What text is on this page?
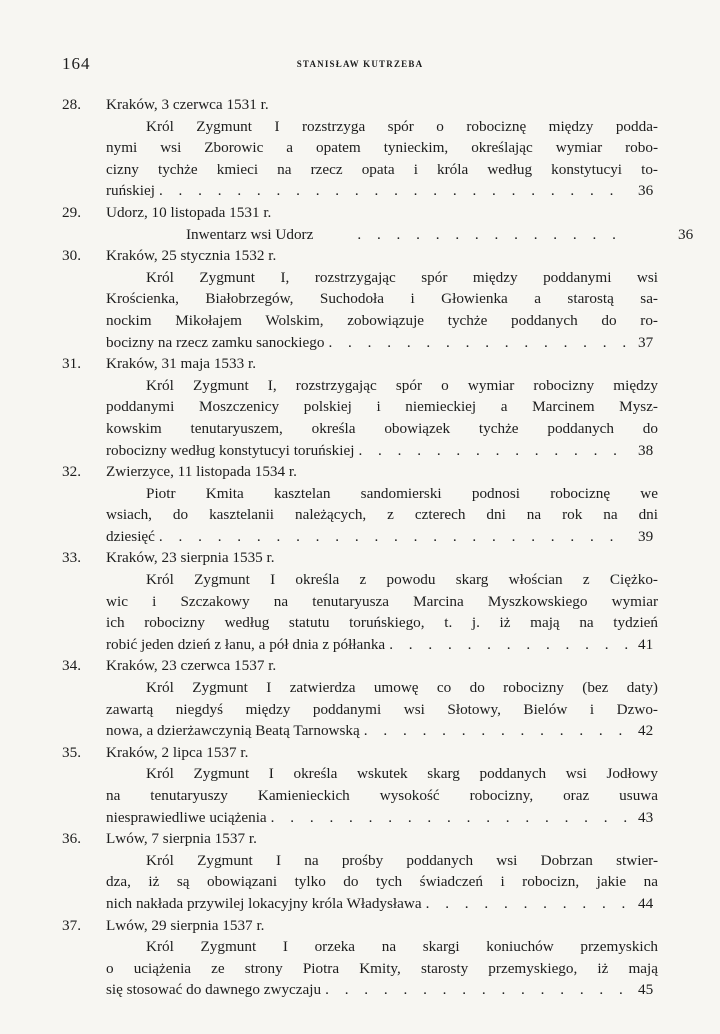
164	STANISŁAW KUTRZEBA
28. Kraków, 3 czerwca 1531 r.
Król Zygmunt I rozstrzyga spór o robociznę między podda-
nymi wsi Zborowic a opatem tynieckim, określając wymiar robo-
cizny tychże kmieci na rzecz opata i króla według konstytucyi to-
ruńskiej . . .	36
29. Udorz, 10 listopada 1531 r.
Inwentarz wsi Udorz . . .	36
30. Kraków, 25 stycznia 1532 r.
Król Zygmunt I, rozstrzygając spór między poddanymi wsi
Krościenka, Białobrzegów, Suchodoła i Głowienka a starostą sa-
nockim Mikołajem Wolskim, zobowiązuje tychże poddanych do ro-
bocizny na rzecz zamku sanockiego . . .	37
31. Kraków, 31 maja 1533 r.
Król Zygmunt I, rozstrzygając spór o wymiar robocizny między
poddanymi Moszczenicy polskiej i niemieckiej a Marcinem Mysz-
kowskim tenutaryuszem, określa obowiązek tychże poddanych do
robocizny według konstytucyi toruńskiej . . .	38
32. Zwierzyce, 11 listopada 1534 r.
Piotr Kmita kasztelan sandomierski podnosi robociznę we
wsiach, do kasztelanii należących, z czterech dni na rok na dni
dziesięć . . .	39
33. Kraków, 23 sierpnia 1535 r.
Król Zygmunt I określa z powodu skarg włościan z Ciężko-
wic i Szczakowy na tenutaryusza Marcina Myszkowskiego wymiar
ich robocizny według statutu toruńskiego, t. j. iż mają na tydzień
robić jeden dzień z łanu, a pół dnia z półłanka . . .	41
34. Kraków, 23 czerwca 1537 r.
Król Zygmunt I zatwierdza umowę co do robocizny (bez daty)
zawartą niegdyś między poddanymi wsi Słotowy, Bielów i Dzwo-
nowa, a dzierżawczynią Beatą Tarnowską . . .	42
35. Kraków, 2 lipca 1537 r.
Król Zygmunt I określa wskutek skarg poddanych wsi Jodłowy
na tenutaryuszy Kamienieckich wysokość robocizny, oraz usuwa
niesprawiedliwe uciążenia . . .	43
36. Lwów, 7 sierpnia 1537 r.
Król Zygmunt I na prośby poddanych wsi Dobrzan stwier-
dza, iż są obowiązani tylko do tych świadczeń i robocizn, jakie na
nich nakłada przywilej lokacyjny króla Władysława . . .	44
37. Lwów, 29 sierpnia 1537 r.
Król Zygmunt I orzeka na skargi koniuchów przemyskich
o uciążenia ze strony Piotra Kmity, starosty przemyskiego, iż mają
się stosować do dawnego zwyczaju . . .	45
